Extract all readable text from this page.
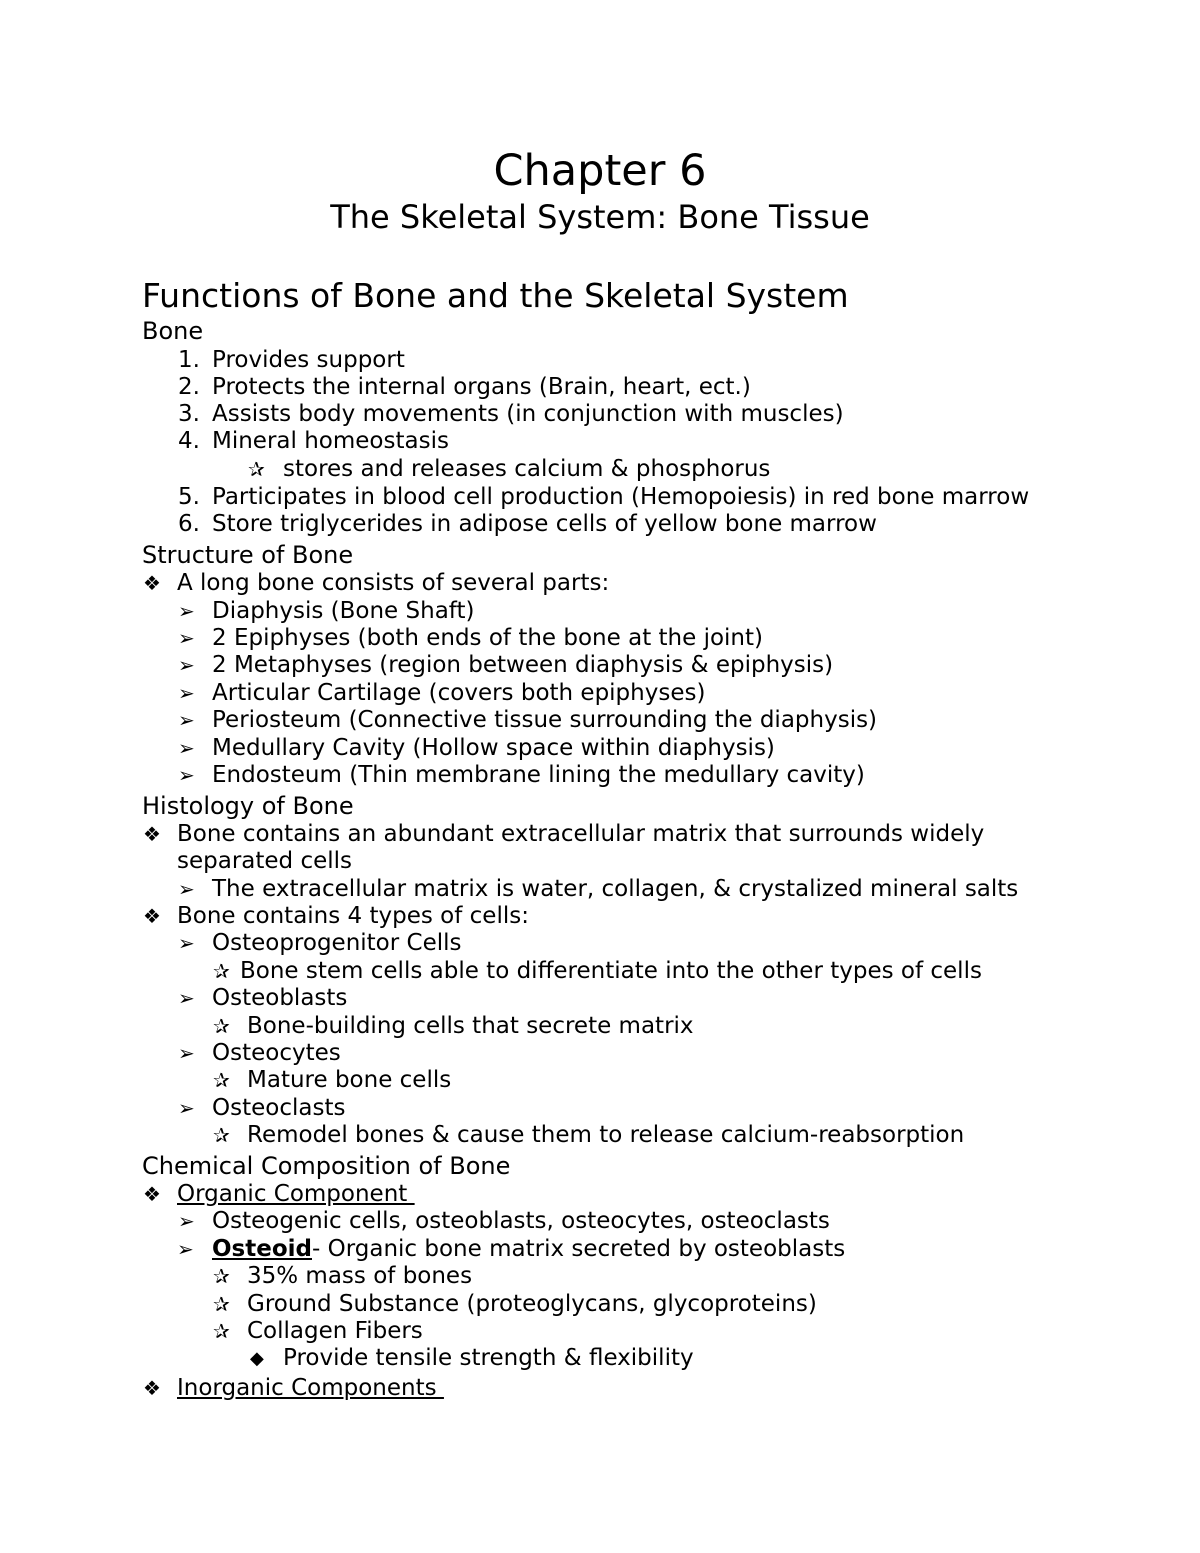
Chapter 6
The Skeletal System: Bone Tissue
Functions of Bone and the Skeletal System
Bone
1. Provides support
2. Protects the internal organs (Brain, heart, ect.)
3. Assists body movements (in conjunction with muscles)
4. Mineral homeostasis
✰ stores and releases calcium & phosphorus
5. Participates in blood cell production (Hemopoiesis) in red bone marrow
6. Store triglycerides in adipose cells of yellow bone marrow
Structure of Bone
❖ A long bone consists of several parts:
➢ Diaphysis (Bone Shaft)
➢ 2 Epiphyses (both ends of the bone at the joint)
➢ 2 Metaphyses (region between diaphysis & epiphysis)
➢ Articular Cartilage (covers both epiphyses)
➢ Periosteum (Connective tissue surrounding the diaphysis)
➢ Medullary Cavity (Hollow space within diaphysis)
➢ Endosteum (Thin membrane lining the medullary cavity)
Histology of Bone
❖ Bone contains an abundant extracellular matrix that surrounds widely
separated cells
➢ The extracellular matrix is water, collagen, & crystalized mineral salts
❖ Bone contains 4 types of cells:
➢ Osteoprogenitor Cells
✰ Bone stem cells able to differentiate into the other types of cells
➢ Osteoblasts
✰ Bone-building cells that secrete matrix
➢ Osteocytes
✰ Mature bone cells
➢ Osteoclasts
✰ Remodel bones & cause them to release calcium-reabsorption
Chemical Composition of Bone
❖ Organic Component
➢ Osteogenic cells, osteoblasts, osteocytes, osteoclasts
➢ Osteoid- Organic bone matrix secreted by osteoblasts
✰ 35% mass of bones
✰ Ground Substance (proteoglycans, glycoproteins)
✰ Collagen Fibers
◆ Provide tensile strength & flexibility
❖ Inorganic Components
